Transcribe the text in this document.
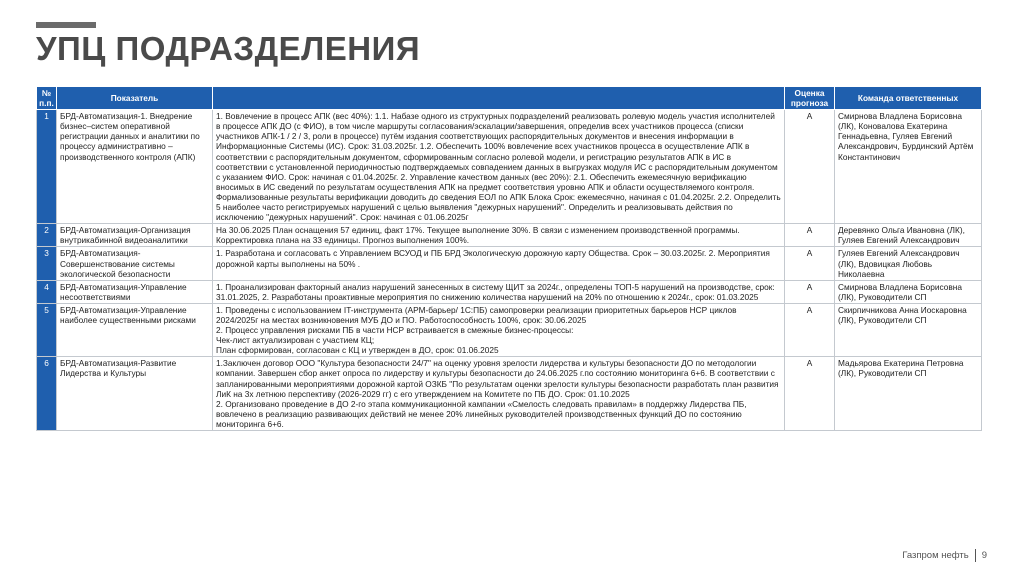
УПЦ ПОДРАЗДЕЛЕНИЯ
№ п.п.	Показатель		Оценка прогноза	Команда ответственных
1	БРД-Автоматизация-1. Внедрение бизнес–систем оперативной регистрации данных и аналитики по процессу административно – производственного контроля (АПК)	1. Вовлечение в процесс АПК (вес 40%): 1.1. Набазе одного из структурных подразделений реализовать ролевую модель участия исполнителей в процессе АПК ДО (с ФИО), в том числе маршруты согласования/эскалации/завершения, определив всех участников процесса (списки участников АПК-1 / 2 / 3, роли в процессе) путём издания соответствующих распорядительных документов и внесения информации в Информационные Системы (ИС). Срок: 31.03.2025г. 1.2. Обеспечить 100% вовлечение всех участников процесса в осуществление АПК в соответствии с распорядительным документом, сформированным согласно ролевой модели, и регистрацию результатов АПК в ИС в соответствии с установленной периодичностью подтверждаемых совпадением данных в выгрузках модуля ИС с распорядительным документом с указанием ФИО. Срок: начиная с 01.04.2025г. 2. Управление качеством данных (вес 20%): 2.1. Обеспечить ежемесячную верификацию вносимых в ИС сведений по результатам осуществления АПК на предмет соответствия уровню АПК и области осуществляемого контроля. Формализованные результаты верификации доводить до сведения ЕОЛ по АПК Блока Срок: ежемесячно, начиная с 01.04.2025г. 2.2. Определить 5 наиболее часто регистрируемых нарушений с целью выявления "дежурных нарушений". Определить и реализовывать действия по исключению "дежурных нарушений". Срок: начиная с 01.06.2025г	А	Смирнова Владлена Борисовна (ЛК), Коновалова Екатерина Геннадьевна, Гуляев Евгений Александрович, Бурдинский Артём Константинович
2	БРД-Автоматизация-Организация внутрикабинной видеоаналитики	На 30.06.2025 План оснащения 57 единиц, факт 17%. Текущее выполнение 30%. В связи с изменением производственной программы. Корректировка плана на 33 единицы. Прогноз выполнения 100%.	А	Деревянко Ольга Ивановна (ЛК), Гуляев Евгений Александрович
3	БРД-Автоматизация-Совершенствование системы экологической безопасности	1. Разработана и согласовать с Управлением ВСУОД и ПБ БРД Экологическую дорожную карту Общества. Срок – 30.03.2025г. 2. Мероприятия дорожной карты выполнены на 50% .	А	Гуляев Евгений Александрович (ЛК), Вдовицкая Любовь Николаевна
4	БРД-Автоматизация-Управление несоответствиями	1. Проанализирован факторный анализ нарушений занесенных в систему ЩИТ за 2024г., определены ТОП-5 нарушений на производстве, срок: 31.01.2025, 2. Разработаны проактивные мероприятия по снижению количества нарушений на 20% по отношению к 2024г., срок: 01.03.2025	А	Смирнова Владлена Борисовна (ЛК), Руководители СП
5	БРД-Автоматизация-Управление наиболее существенными рисками	1. Проведены с использованием IT-инструмента (АРМ-барьер/ 1С:ПБ) самопроверки реализации приоритетных барьеров НСР циклов 2024/2025г на местах возникновения МУБ ДО и ПО. Работоспособность 100%, срок: 30.06.2025
2. Процесс управления рисками ПБ в части НСР встраивается в смежные бизнес-процессы:
Чек-лист актуализирован с участием КЦ;
План сформирован, согласован с КЦ и утвержден в ДО, срок: 01.06.2025	А	Скирпичникова Анна Иоскаровна (ЛК), Руководители СП
6	БРД-Автоматизация-Развитие Лидерства и Культуры	1.Заключен договор ООО "Культура безопасности 24/7" на оценку уровня зрелости лидерства и культуры безопасности ДО по методологии компании. Завершен сбор анкет опроса по лидерству и культуры безопасности до 24.06.2025 г.по состоянию мониторинга 6+6. В соответствии с запланированными мероприятиями дорожной картой ОЗКБ "По результатам оценки зрелости культуры безопасности разработать план развития ЛиК на 3х летнюю перспективу (2026-2029 гг) с его утверждением на Комитете по ПБ ДО. Срок: 01.10.2025
2. Организовано проведение в ДО 2-го этапа коммуникационной кампании «Смелость следовать правилам» в поддержку Лидерства ПБ, вовлечено в реализацию развивающих действий не менее 20% линейных руководителей производственных функций ДО по состоянию мониторинга 6+6.	А	Мадьярова Екатерина Петровна (ЛК), Руководители СП
Газпром нефть 9
